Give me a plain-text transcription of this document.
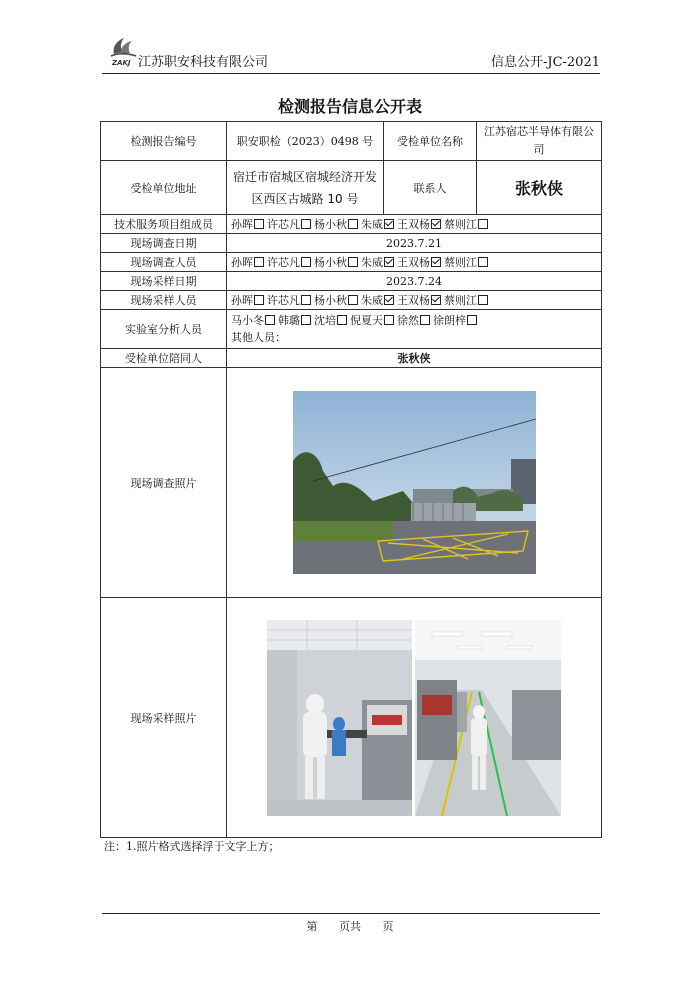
ZAKJ 江苏职安科技有限公司	信息公开-JC-2021
检测报告信息公开表
检测报告编号	职安职检（2023）0498 号	受检单位名称	江苏宿芯半导体有限公司
受检单位地址	宿迁市宿城区宿城经济开发区西区古城路 10 号	联系人	张秋侠
技术服务项目组成员	孙晖 许芯凡 杨小秋 朱威 王双杨 蔡则江		
现场调查日期	2023.7.21		
现场调查人员	孙晖 许芯凡 杨小秋 朱威 王双杨 蔡则江		
现场采样日期	2023.7.24		
现场采样人员	孙晖 许芯凡 杨小秋 朱威 王双杨 蔡则江		
实验室分析人员	马小冬 韩璐 沈培 倪夏天 徐然 徐朗梓
其他人员：		

受检单位陪同人	张秋侠		
现场调查照片	

现场采样照片	
注：1.照片格式选择浮于文字上方；
第 页共 页
